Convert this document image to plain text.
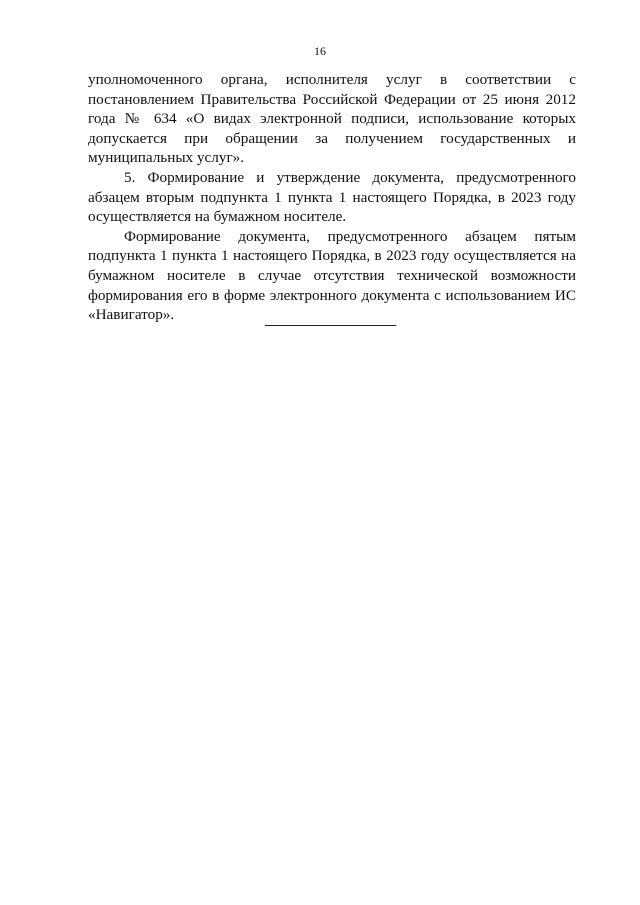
16

уполномоченного органа, исполнителя услуг в соответствии с постановлением Правительства Российской Федерации от 25 июня 2012 года № 634 «О видах электронной подписи, использование которых допускается при обращении за получением государственных и муниципальных услуг».

5. Формирование и утверждение документа, предусмотренного абзацем вторым подпункта 1 пункта 1 настоящего Порядка, в 2023 году осуществляется на бумажном носителе.

Формирование документа, предусмотренного абзацем пятым подпункта 1 пункта 1 настоящего Порядка, в 2023 году осуществляется на бумажном носителе в случае отсутствия технической возможности формирования его в форме электронного документа с использованием ИС «Навигатор».
